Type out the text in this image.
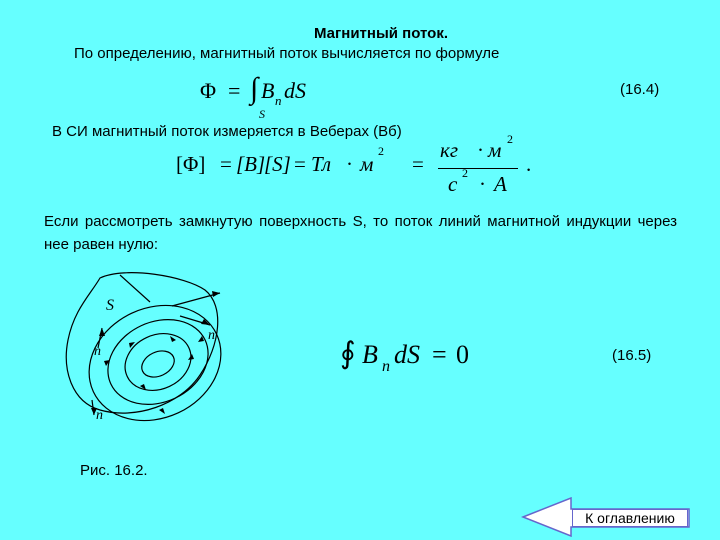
Магнитный поток.
По определению, магнитный поток вычисляется по формуле
Φ = ∫ B n dS
S
(16.4)
В СИ магнитный поток измеряется в Веберах (Вб)
[Φ] = [B]
[S] = Тл · м
2
=
кг · м 2
с 2 · А
.
Если рассмотреть замкнутую поверхность S, то поток линий магнитной индукции через нее равен нулю:
S
n
n
n
∮ B n dS = 0	(16.5)
Рис. 16.2.
К оглавлению
